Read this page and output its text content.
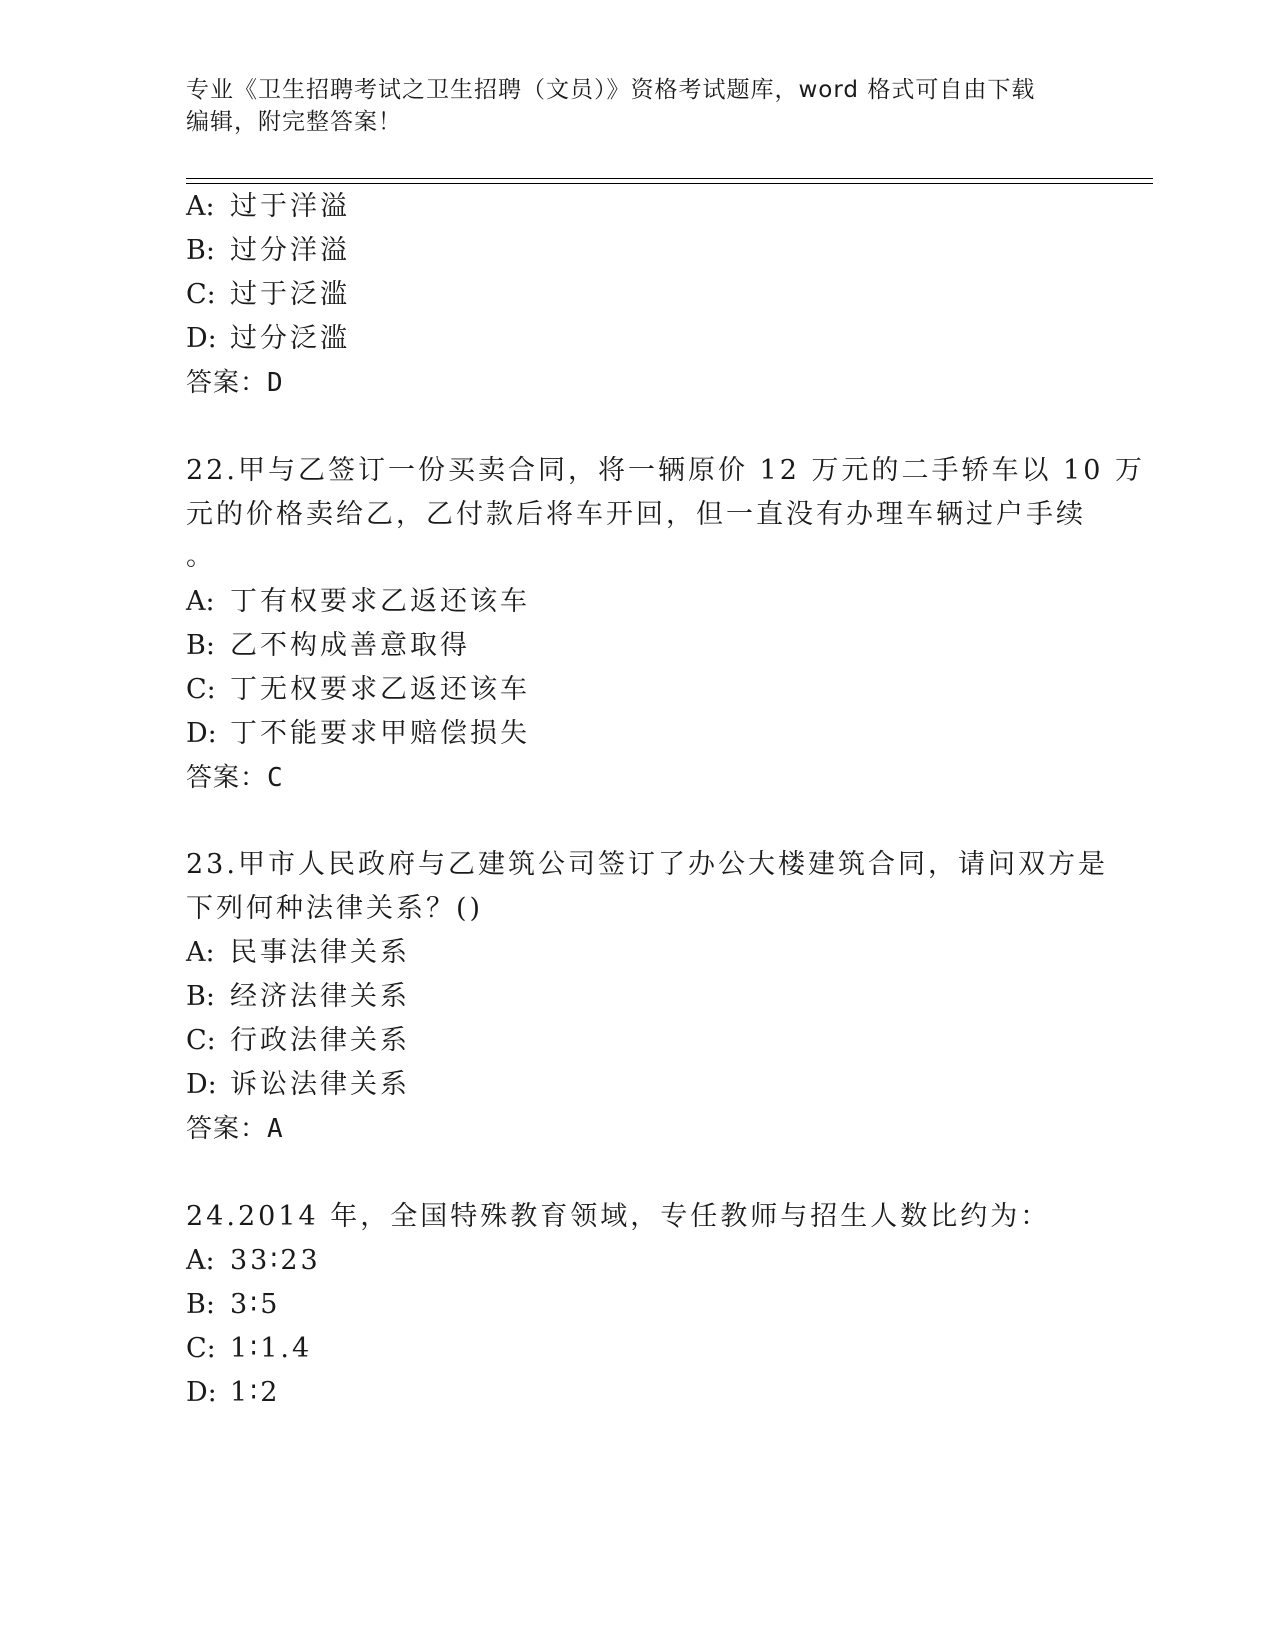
专业《卫生招聘考试之卫生招聘（文员）》资格考试题库，word 格式可自由下载
编辑，附完整答案！
A: 过于洋溢
B: 过分洋溢
C: 过于泛滥
D: 过分泛滥
答案：D
22.甲与乙签订一份买卖合同，将一辆原价 12 万元的二手轿车以 10 万
元的价格卖给乙，乙付款后将车开回，但一直没有办理车辆过户手续
。
A: 丁有权要求乙返还该车
B: 乙不构成善意取得
C: 丁无权要求乙返还该车
D: 丁不能要求甲赔偿损失
答案：C
23.甲市人民政府与乙建筑公司签订了办公大楼建筑合同，请问双方是
下列何种法律关系？()
A: 民事法律关系
B: 经济法律关系
C: 行政法律关系
D: 诉讼法律关系
答案：A
24.2014 年，全国特殊教育领域，专任教师与招生人数比约为：
A: 33∶23
B: 3∶5
C: 1∶1.4
D: 1∶2
